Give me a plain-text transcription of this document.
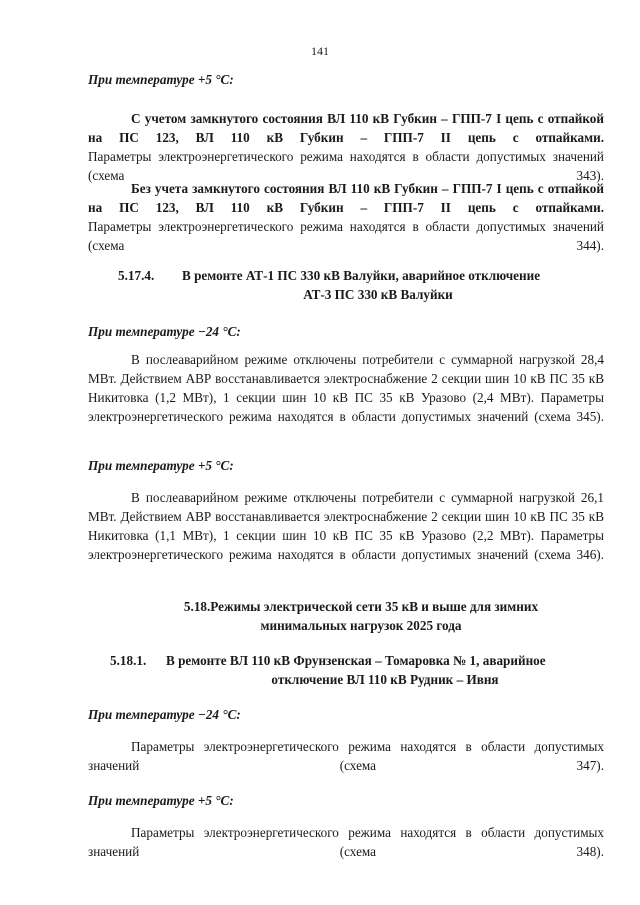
141
При температуре +5 °С:
С учетом замкнутого состояния ВЛ 110 кВ Губкин – ГПП-7 I цепь с отпайкой на ПС 123, ВЛ 110 кВ Губкин – ГПП-7 II цепь с отпайками.
Параметры электроэнергетического режима находятся в области допустимых значений (схема 343).
Без учета замкнутого состояния ВЛ 110 кВ Губкин – ГПП-7 I цепь с отпайкой на ПС 123, ВЛ 110 кВ Губкин – ГПП-7 II цепь с отпайками.
Параметры электроэнергетического режима находятся в области допустимых значений (схема 344).
5.17.4. В ремонте АТ-1 ПС 330 кВ Валуйки, аварийное отключение
АТ-3 ПС 330 кВ Валуйки
При температуре −24 °С:
В послеаварийном режиме отключены потребители с суммарной нагрузкой 28,4 МВт. Действием АВР восстанавливается электроснабжение 2 секции шин 10 кВ ПС 35 кВ Никитовка (1,2 МВт), 1 секции шин 10 кВ ПС 35 кВ Уразово (2,4 МВт). Параметры электроэнергетического режима находятся в области допустимых значений (схема 345).
При температуре +5 °С:
В послеаварийном режиме отключены потребители с суммарной нагрузкой 26,1 МВт. Действием АВР восстанавливается электроснабжение 2 секции шин 10 кВ ПС 35 кВ Никитовка (1,1 МВт), 1 секции шин 10 кВ ПС 35 кВ Уразово (2,2 МВт). Параметры электроэнергетического режима находятся в области допустимых значений (схема 346).
5.18.Режимы электрической сети 35 кВ и выше для зимних
минимальных нагрузок 2025 года
5.18.1. В ремонте ВЛ 110 кВ Фрунзенская – Томаровка № 1, аварийное
отключение ВЛ 110 кВ Рудник – Ивня
При температуре −24 °С:
Параметры электроэнергетического режима находятся в области допустимых значений (схема 347).
При температуре +5 °С:
Параметры электроэнергетического режима находятся в области допустимых значений (схема 348).
